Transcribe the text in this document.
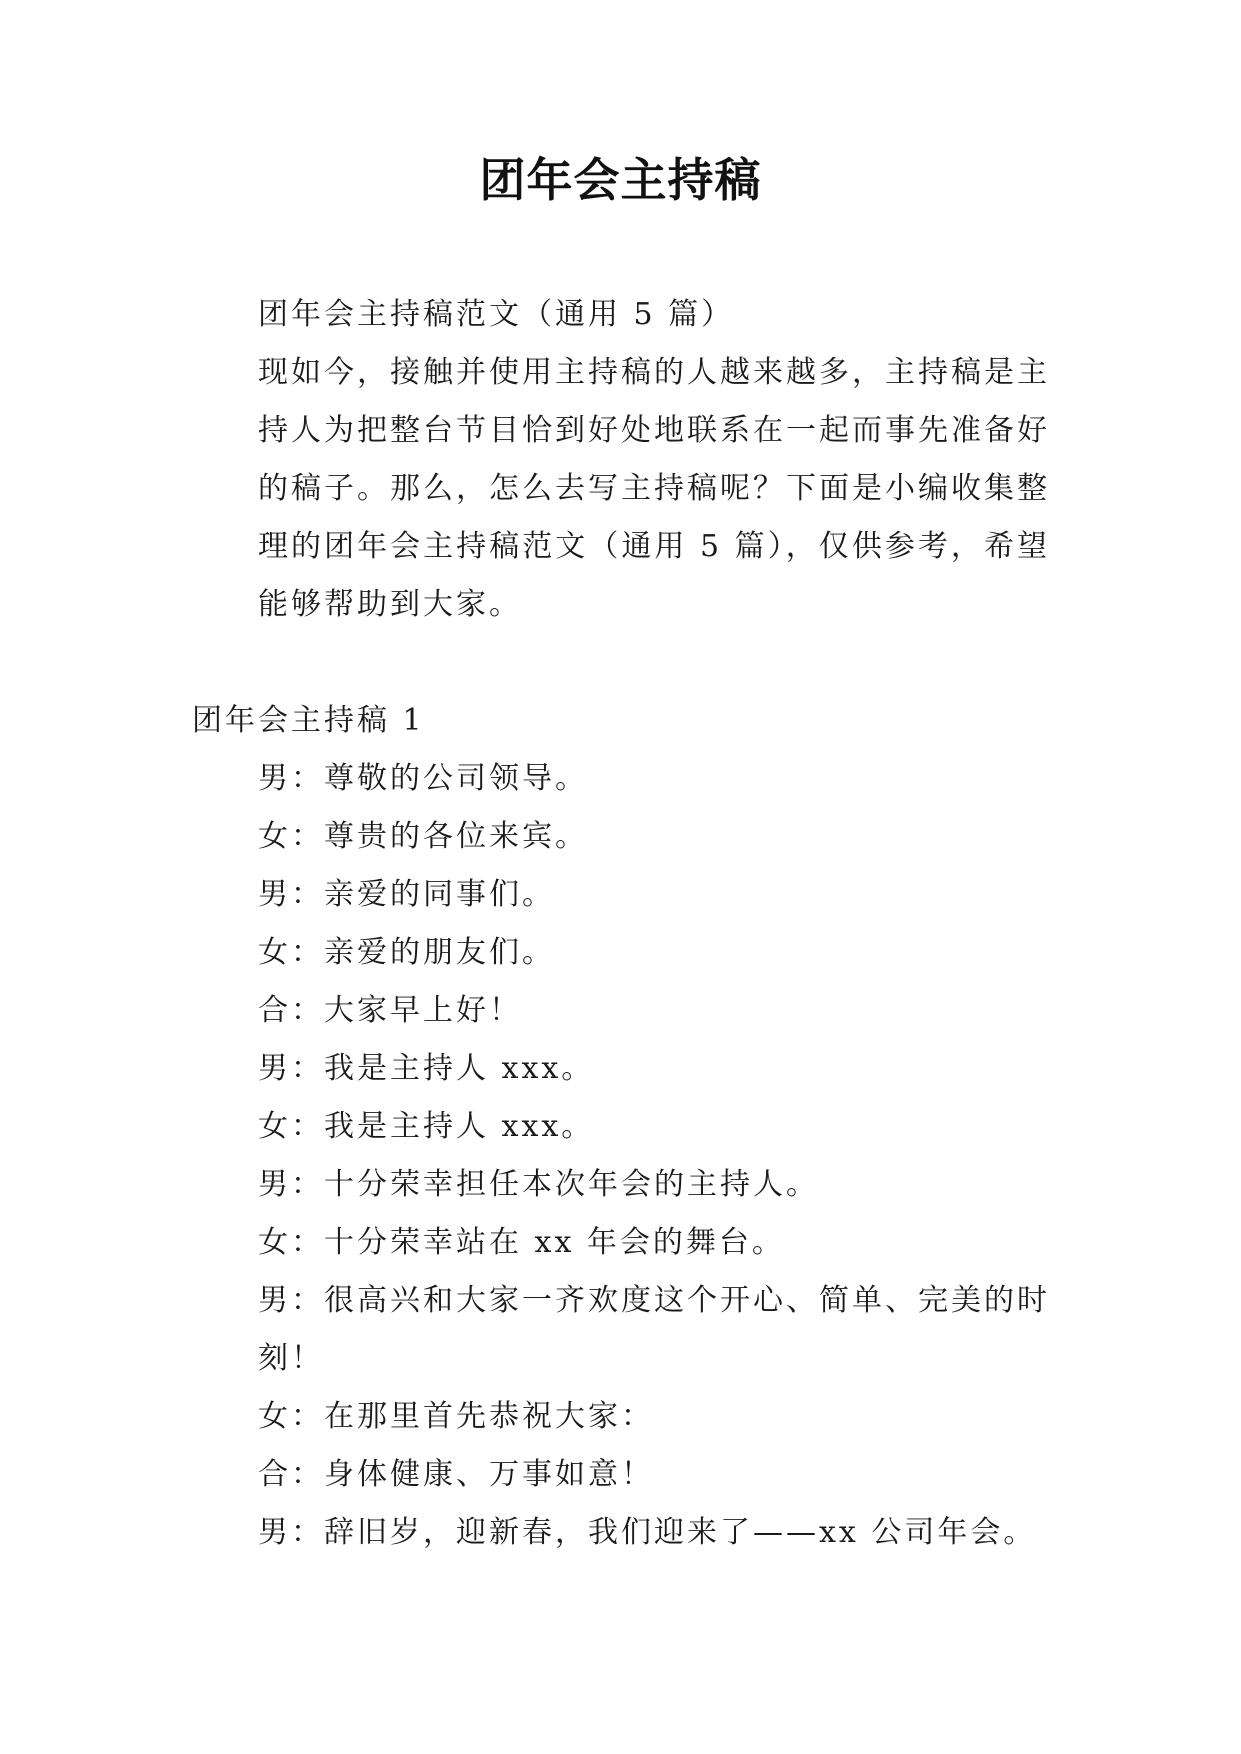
团年会主持稿

团年会主持稿范文（通用 5 篇）

现如今，接触并使用主持稿的人越来越多，主持稿是主持人为把整台节目恰到好处地联系在一起而事先准备好的稿子。那么，怎么去写主持稿呢？下面是小编收集整理的团年会主持稿范文（通用 5 篇），仅供参考，希望能够帮助到大家。

团年会主持稿 1

男：尊敬的公司领导。

女：尊贵的各位来宾。

男：亲爱的同事们。

女：亲爱的朋友们。

合：大家早上好！

男：我是主持人 xxx。

女：我是主持人 xxx。

男：十分荣幸担任本次年会的主持人。

女：十分荣幸站在 xx 年会的舞台。

男：很高兴和大家一齐欢度这个开心、简单、完美的时刻！

女：在那里首先恭祝大家：

合：身体健康、万事如意！

男：辞旧岁，迎新春，我们迎来了——xx 公司年会。
